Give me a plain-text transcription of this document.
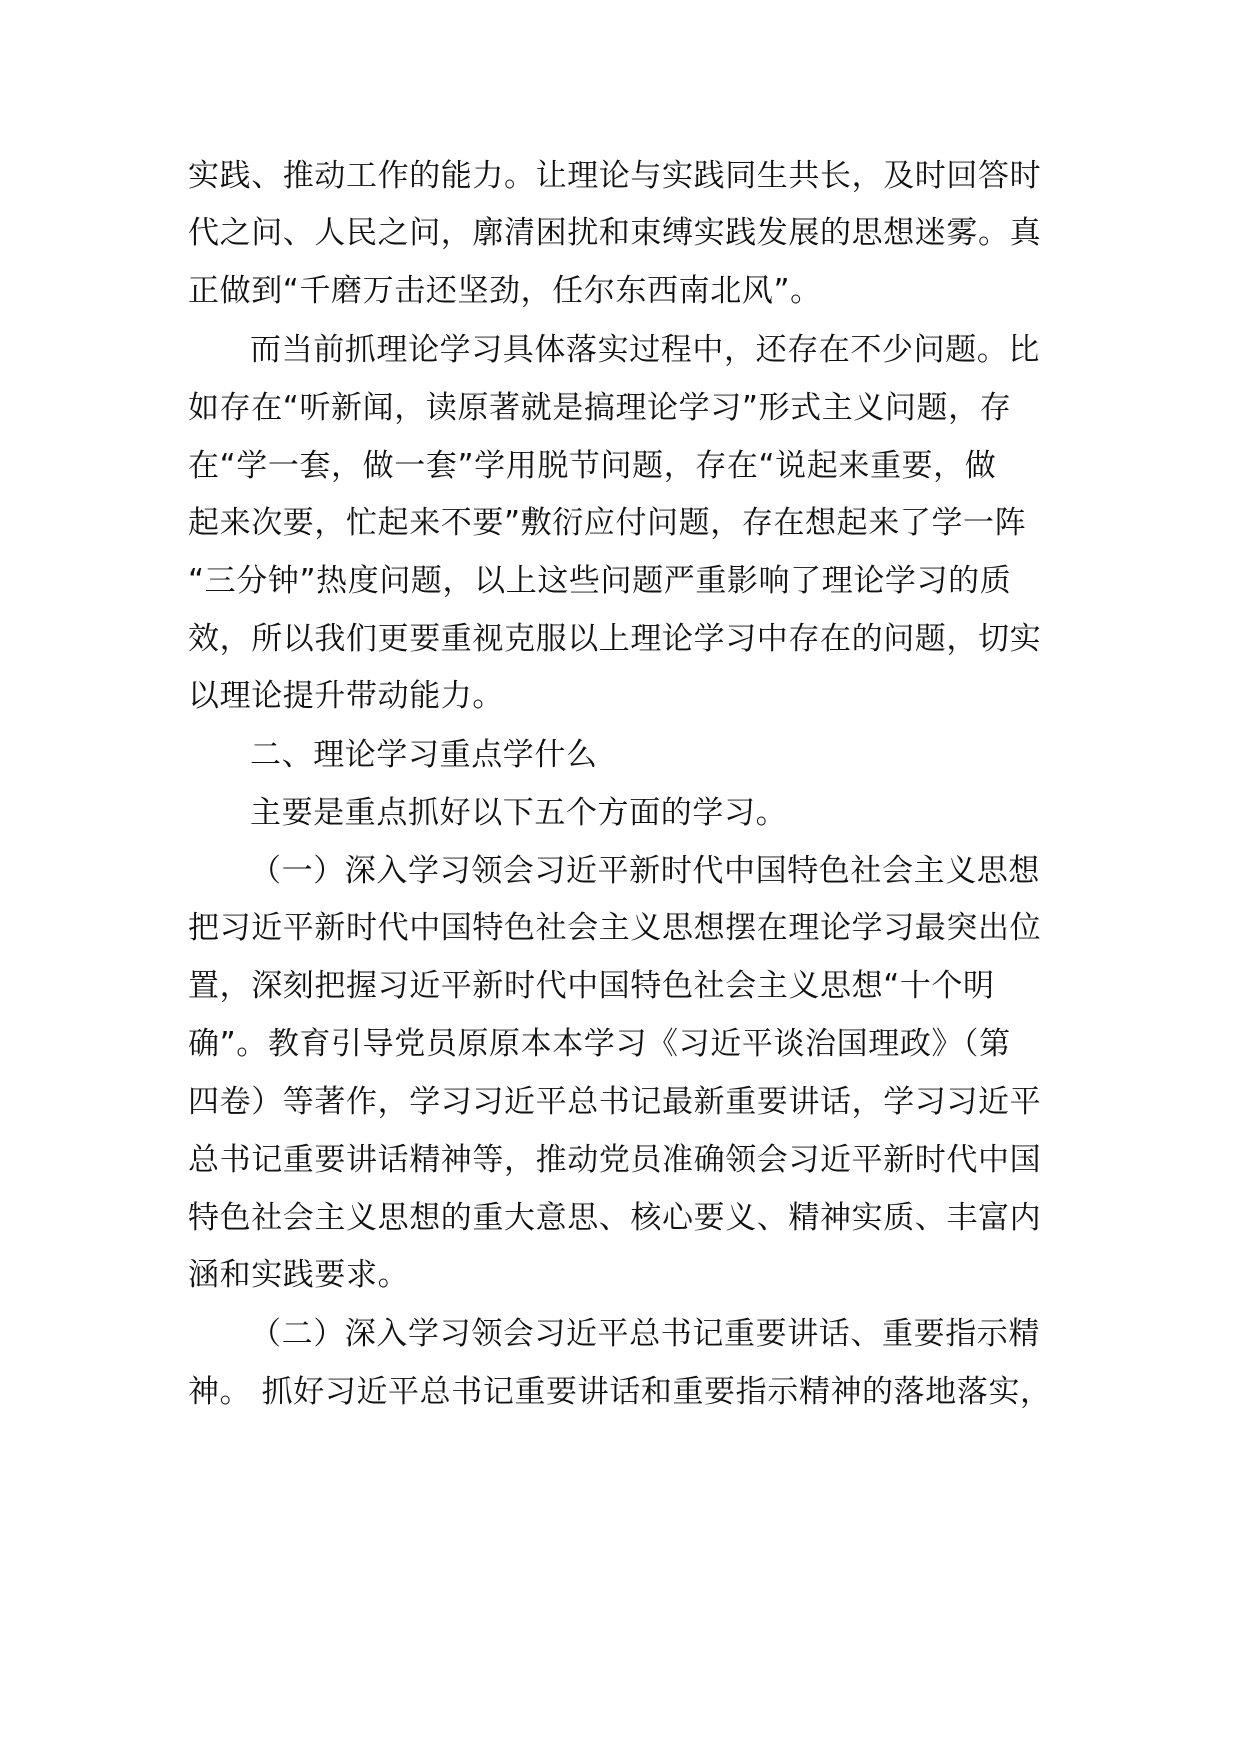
实践、推动工作的能力。让理论与实践同生共长，及时回答时
代之问、人民之问，廓清困扰和束缚实践发展的思想迷雾。真
正做到“千磨万击还坚劲，任尔东西南北风”。
而当前抓理论学习具体落实过程中，还存在不少问题。比
如存在“听新闻，读原著就是搞理论学习”形式主义问题，存
在“学一套，做一套”学用脱节问题，存在“说起来重要，做
起来次要，忙起来不要”敷衍应付问题，存在想起来了学一阵
“三分钟”热度问题，以上这些问题严重影响了理论学习的质
效，所以我们更要重视克服以上理论学习中存在的问题，切实
以理论提升带动能力。
二、理论学习重点学什么
主要是重点抓好以下五个方面的学习。
（一）深入学习领会习近平新时代中国特色社会主义思想
把习近平新时代中国特色社会主义思想摆在理论学习最突出位
置，深刻把握习近平新时代中国特色社会主义思想“十个明
确”。教育引导党员原原本本学习《习近平谈治国理政》（第
四卷）等著作，学习习近平总书记最新重要讲话，学习习近平
总书记重要讲话精神等，推动党员准确领会习近平新时代中国
特色社会主义思想的重大意思、核心要义、精神实质、丰富内
涵和实践要求。
（二）深入学习领会习近平总书记重要讲话、重要指示精
神。 抓好习近平总书记重要讲话和重要指示精神的落地落实，
